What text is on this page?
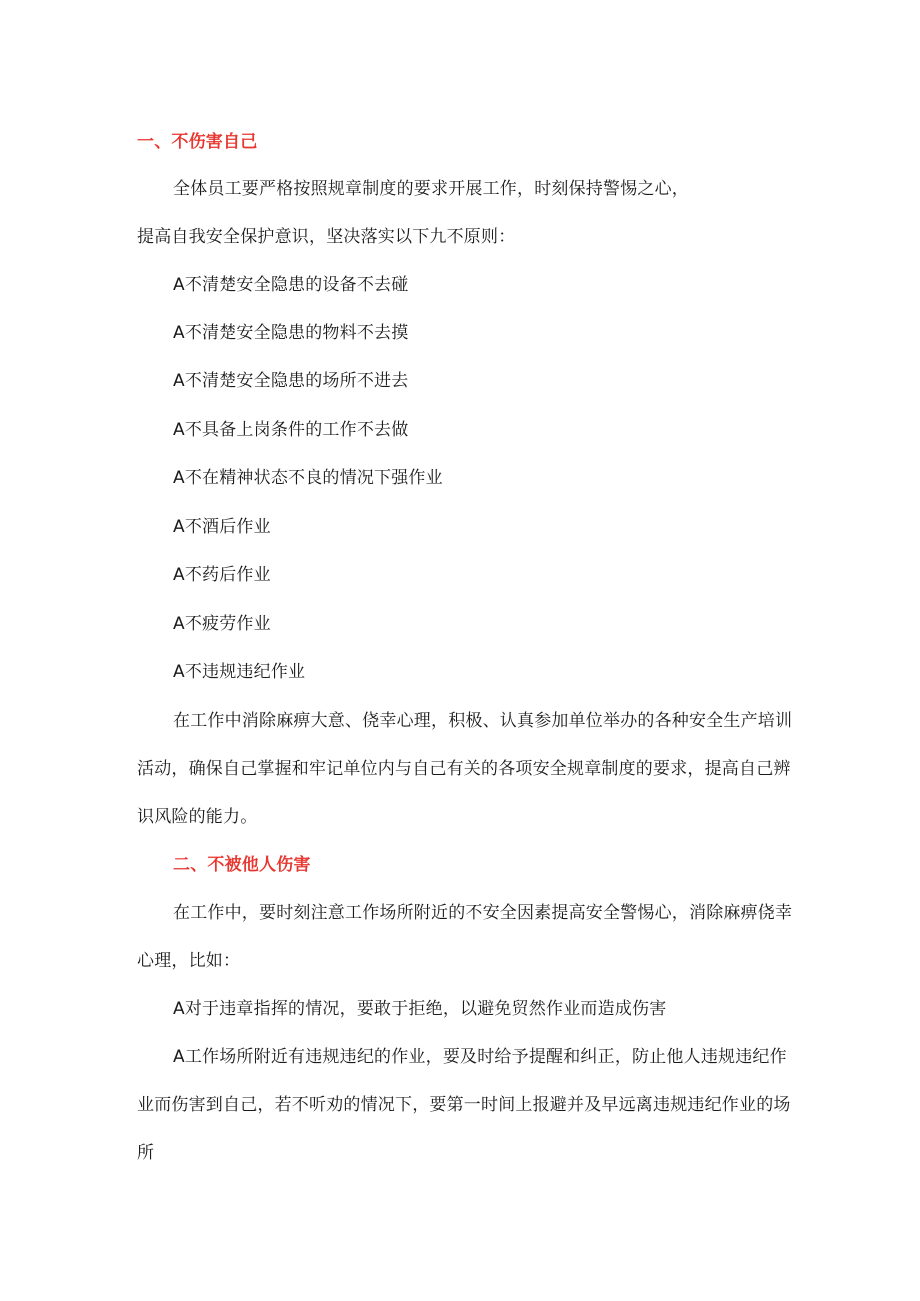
一、不伤害自己
全体员工要严格按照规章制度的要求开展工作，时刻保持警惕之心，
提高自我安全保护意识，坚决落实以下九不原则：
A不清楚安全隐患的设备不去碰
A不清楚安全隐患的物料不去摸
A不清楚安全隐患的场所不进去
A不具备上岗条件的工作不去做
A不在精神状态不良的情况下强作业
A不酒后作业
A不药后作业
A不疲劳作业
A不违规违纪作业
在工作中消除麻痹大意、侥幸心理，积极、认真参加单位举办的各种安全生产培训
活动，确保自己掌握和牢记单位内与自己有关的各项安全规章制度的要求，提高自己辨
识风险的能力。
二、不被他人伤害
在工作中，要时刻注意工作场所附近的不安全因素提高安全警惕心，消除麻痹侥幸
心理，比如：
A对于违章指挥的情况，要敢于拒绝，以避免贸然作业而造成伤害
A工作场所附近有违规违纪的作业，要及时给予提醒和纠正，防止他人违规违纪作
业而伤害到自己，若不听劝的情况下，要第一时间上报避并及早远离违规违纪作业的场
所
